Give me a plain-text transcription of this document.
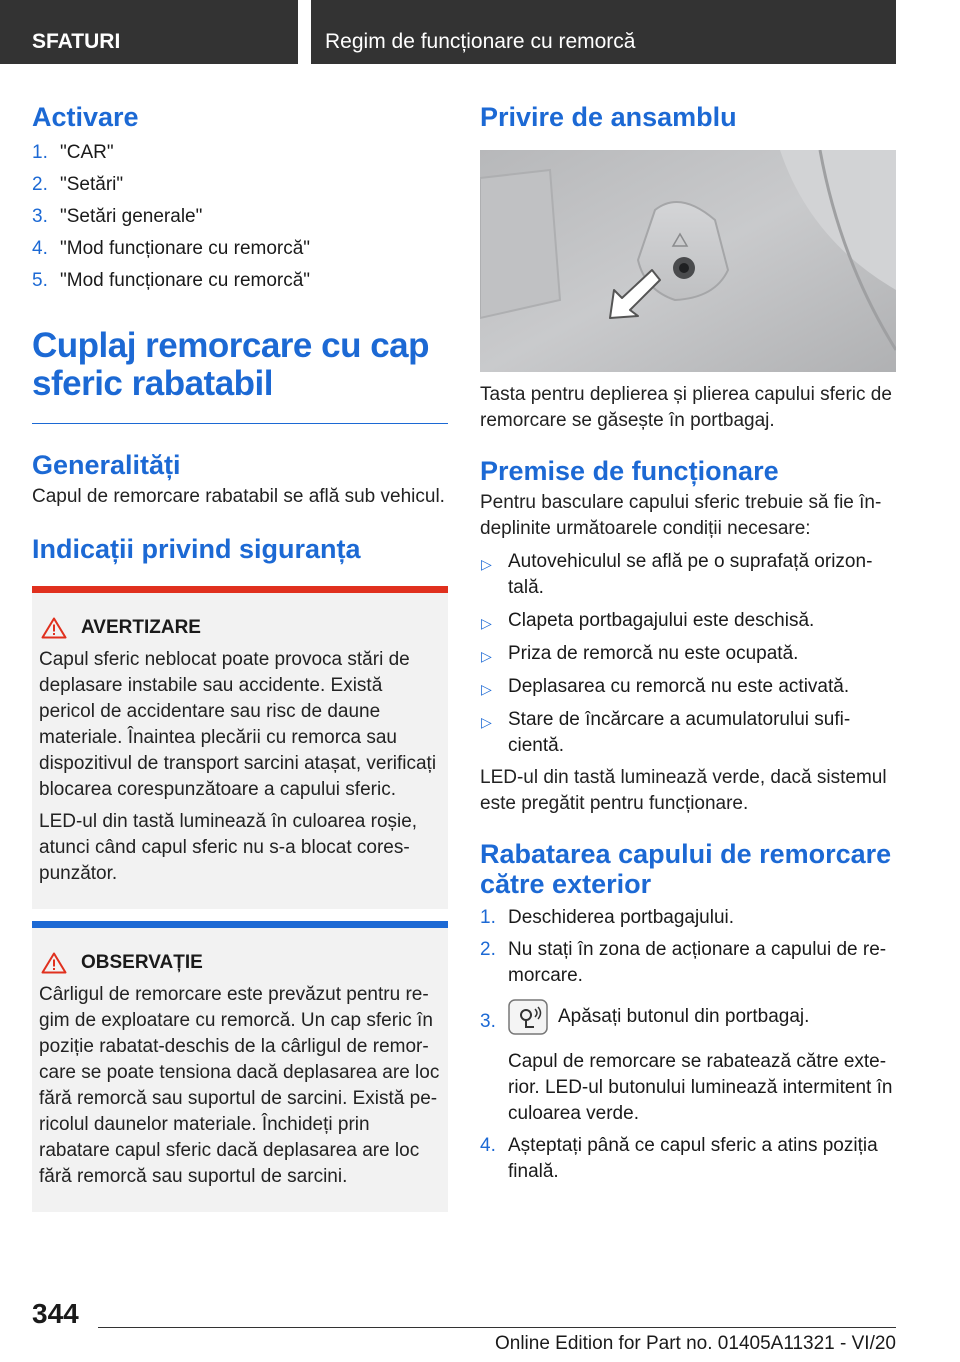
SFATURI	Regim de funcționare cu remorcă
Activare
1. "CAR"
2. "Setări"
3. "Setări generale"
4. "Mod funcționare cu remorcă"
5. "Mod funcționare cu remorcă"
Cuplaj remorcare cu cap sferic rabatabil
Generalități

Capul de remorcare rabatabil se află sub vehicul.

Indicații privind siguranța
AVERTIZARE

Capul sferic neblocat poate provoca stări de deplasare instabile sau accidente. Există pericol de accidentare sau risc de daune materiale. Înaintea plecării cu remorca sau dispozitivul de transport sarcini atașat, verificați blocarea corespunzătoare a capului sferic.

LED-ul din tastă luminează în culoarea roșie, atunci când capul sferic nu s-a blocat corespunzător.

OBSERVAȚIE

Cârligul de remorcare este prevăzut pentru regim de exploatare cu remorcă. Un cap sferic în poziție rabatat-deschis de la cârligul de remorcare se poate tensiona dacă deplasarea are loc fără remorcă sau suportul de sarcini. Există pericolul daunelor materiale. Închideți prin rabatare capul sferic dacă deplasarea are loc fără remorcă sau suportul de sarcini.

Privire de ansamblu

Tasta pentru deplierea și plierea capului sferic de remorcare se găsește în portbagaj.

Premise de funcționare

Pentru basculare capului sferic trebuie să fie îndeplinite următoarele condiții necesare:

▷ Autovehiculul se află pe o suprafață orizontală.
▷ Clapeta portbagajului este deschisă.
▷ Priza de remorcă nu este ocupată.
▷ Deplasarea cu remorcă nu este activată.
▷ Stare de încărcare a acumulatorului suficientă.

LED-ul din tastă luminează verde, dacă sistemul este pregătit pentru funcționare.

Rabatarea capului de remorcare către exterior
1. Deschiderea portbagajului.
2. Nu stați în zona de acționare a capului de remorcare.
3.	Apăsați butonul din portbagaj.
Capul de remorcare se rabatează către exterior. LED-ul butonului luminează intermitent în culoarea verde.
4. Așteptați până ce capul sferic a atins poziția finală.
344
Online Edition for Part no. 01405A11321 - VI/20
